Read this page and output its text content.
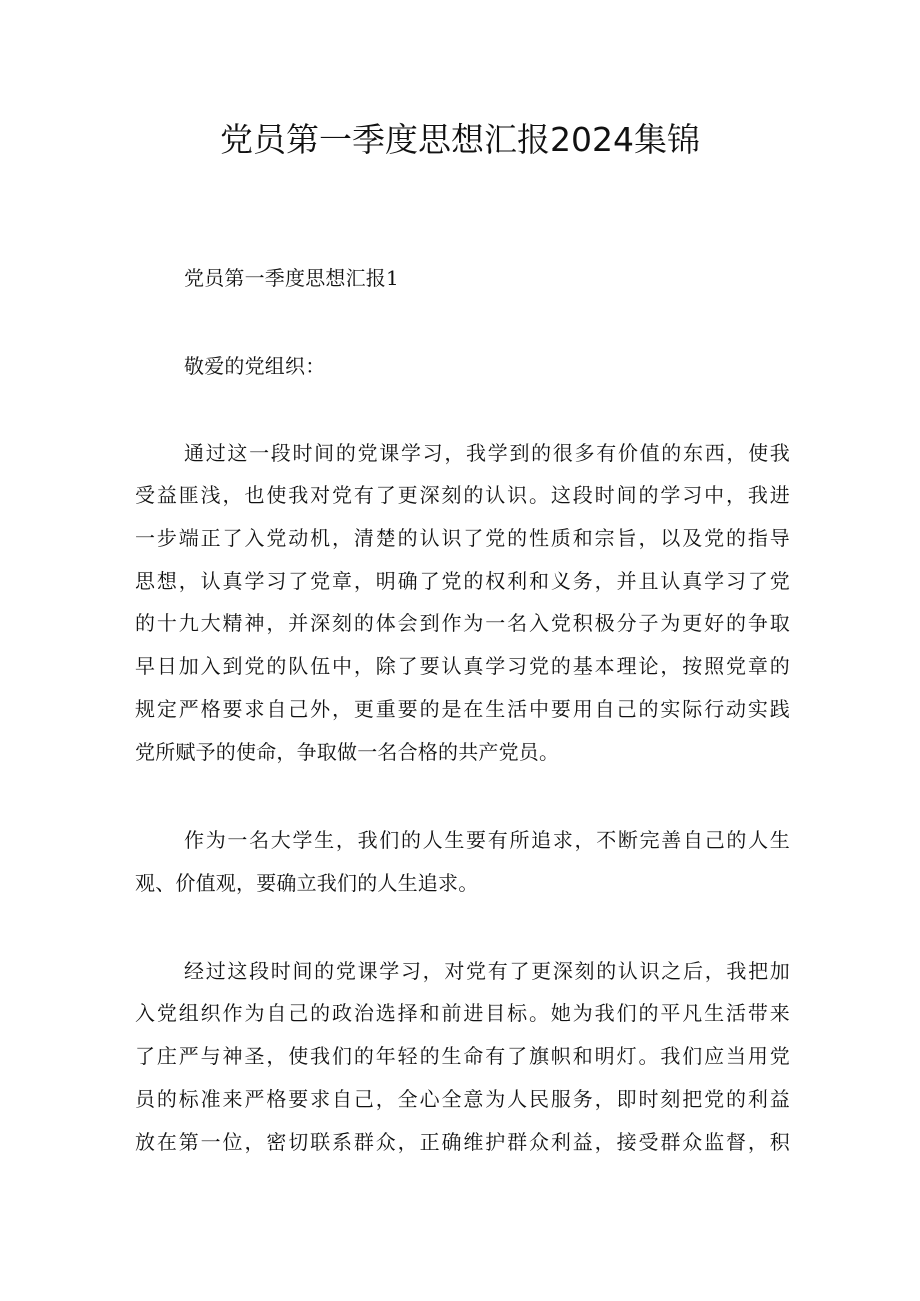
党员第一季度思想汇报2024集锦
党员第一季度思想汇报1
敬爱的党组织：
通过这一段时间的党课学习，我学到的很多有价值的东西，使我
受益匪浅，也使我对党有了更深刻的认识。这段时间的学习中，我进
一步端正了入党动机，清楚的认识了党的性质和宗旨，以及党的指导
思想，认真学习了党章，明确了党的权利和义务，并且认真学习了党
的十九大精神，并深刻的体会到作为一名入党积极分子为更好的争取
早日加入到党的队伍中，除了要认真学习党的基本理论，按照党章的
规定严格要求自己外，更重要的是在生活中要用自己的实际行动实践
党所赋予的使命，争取做一名合格的共产党员。
作为一名大学生，我们的人生要有所追求，不断完善自己的人生
观、价值观，要确立我们的人生追求。
经过这段时间的党课学习，对党有了更深刻的认识之后，我把加
入党组织作为自己的政治选择和前进目标。她为我们的平凡生活带来
了庄严与神圣，使我们的年轻的生命有了旗帜和明灯。我们应当用党
员的标准来严格要求自己，全心全意为人民服务，即时刻把党的利益
放在第一位，密切联系群众，正确维护群众利益，接受群众监督，积
